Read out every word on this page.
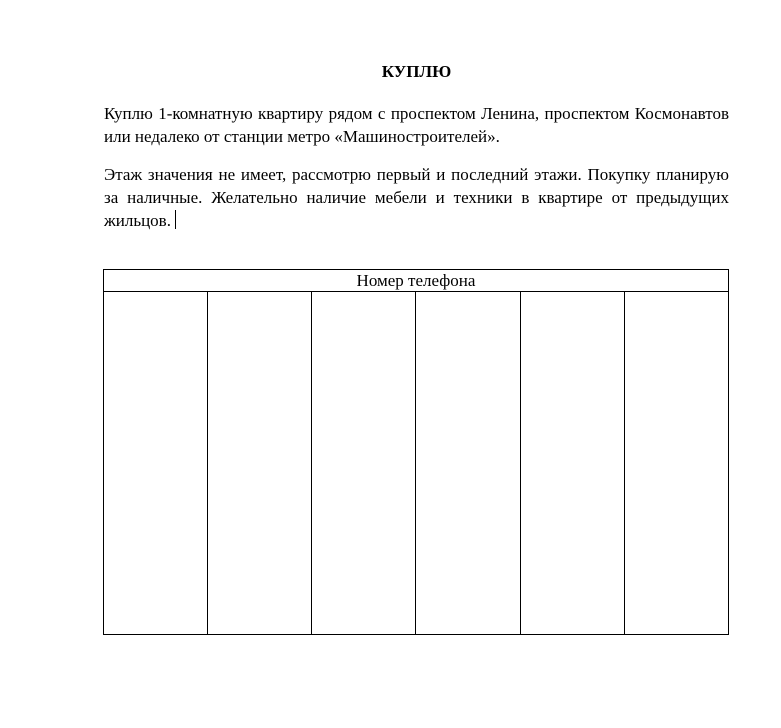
КУПЛЮ

Куплю 1-комнатную квартиру рядом с проспектом Ленина, проспектом Космонавтов или недалеко от станции метро «Машиностроителей».

Этаж значения не имеет, рассмотрю первый и последний этажи. Покупку планирую за наличные. Желательно наличие мебели и техники в квартире от предыдущих жильцов.

Номер телефона
